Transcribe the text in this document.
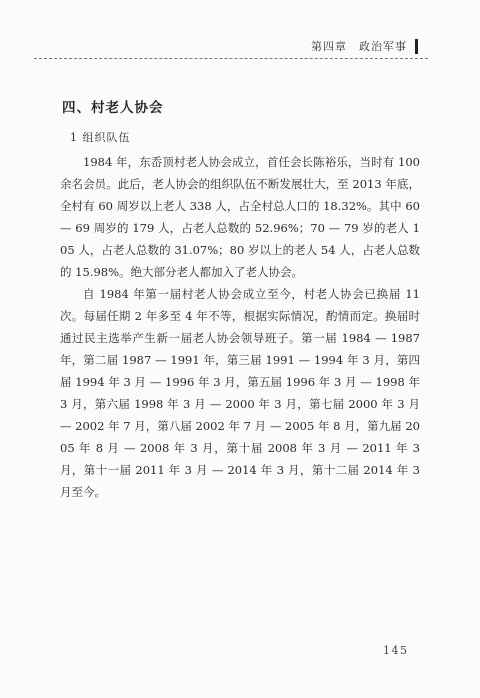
第四章　政治军事
四、村老人协会
1 组织队伍

1984 年，东岙顶村老人协会成立，首任会长陈裕乐，当时有 100 余名会员。此后，老人协会的组织队伍不断发展壮大，至 2013 年底，全村有 60 周岁以上老人 338 人，占全村总人口的 18.32%。其中 60 — 69 周岁的 179 人，占老人总数的 52.96%；70 — 79 岁的老人 105 人，占老人总数的 31.07%；80 岁以上的老人 54 人，占老人总数的 15.98%。绝大部分老人都加入了老人协会。

自 1984 年第一届村老人协会成立至今，村老人协会已换届 11 次。每届任期 2 年多至 4 年不等，根据实际情况，酌情而定。换届时通过民主选举产生新一届老人协会领导班子。第一届 1984 — 1987 年，第二届 1987 — 1991 年，第三届 1991 — 1994 年 3 月，第四届 1994 年 3 月 — 1996 年 3 月，第五届 1996 年 3 月 — 1998 年 3 月，第六届 1998 年 3 月 — 2000 年 3 月，第七届 2000 年 3 月 — 2002 年 7 月，第八届 2002 年 7 月 — 2005 年 8 月，第九届 2005 年 8 月 — 2008 年 3 月，第十届 2008 年 3 月 — 2011 年 3 月，第十一届 2011 年 3 月 — 2014 年 3 月，第十二届 2014 年 3 月至今。

145
